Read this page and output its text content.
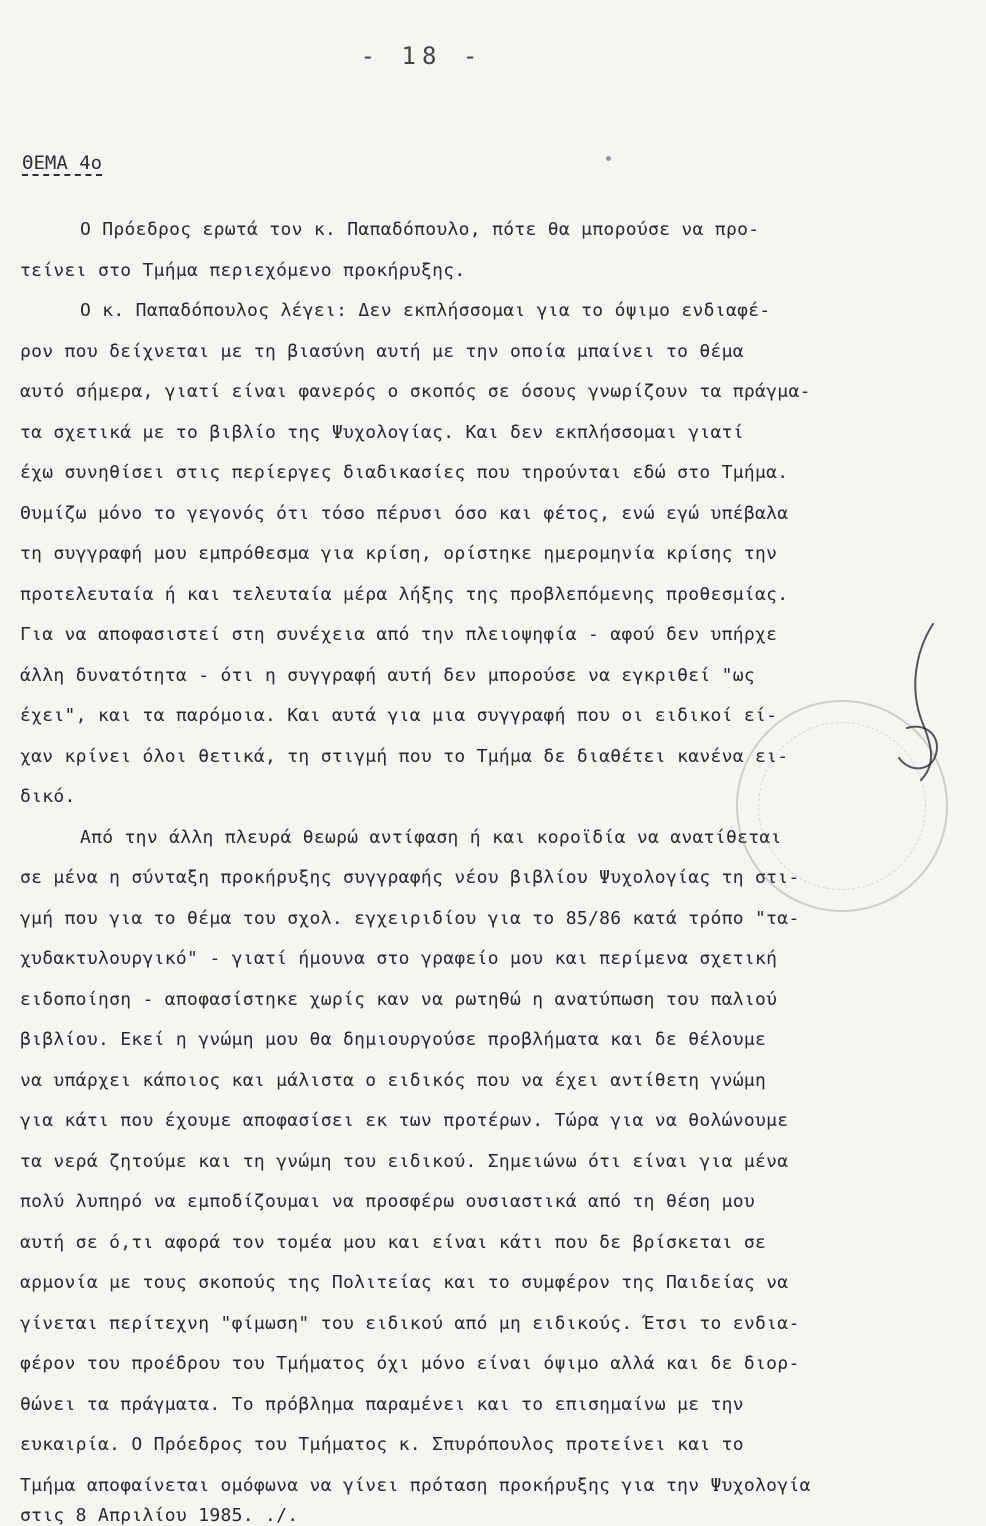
- 18 -
ΘΕΜΑ 4ο
Ο Πρόεδρος ερωτά τον κ. Παπαδόπουλο, πότε θα μπορούσε να προ-
τείνει στο Τμήμα περιεχόμενο προκήρυξης.
Ο κ. Παπαδόπουλος λέγει: Δεν εκπλήσσομαι για το όψιμο ενδιαφέ-
ρον που δείχνεται με τη βιασύνη αυτή με την οποία μπαίνει το θέμα
αυτό σήμερα, γιατί είναι φανερός ο σκοπός σε όσους γνωρίζουν τα πράγμα-
τα σχετικά με το βιβλίο της Ψυχολογίας. Και δεν εκπλήσσομαι γιατί
έχω συνηθίσει στις περίεργες διαδικασίες που τηρούνται εδώ στο Τμήμα.
Θυμίζω μόνο το γεγονός ότι τόσο πέρυσι όσο και φέτος, ενώ εγώ υπέβαλα
τη συγγραφή μου εμπρόθεσμα για κρίση, ορίστηκε ημερομηνία κρίσης την
προτελευταία ή και τελευταία μέρα λήξης της προβλεπόμενης προθεσμίας.
Για να αποφασιστεί στη συνέχεια από την πλειοψηφία - αφού δεν υπήρχε
άλλη δυνατότητα - ότι η συγγραφή αυτή δεν μπορούσε να εγκριθεί "ως
έχει", και τα παρόμοια. Και αυτά για μια συγγραφή που οι ειδικοί εί-
χαν κρίνει όλοι θετικά, τη στιγμή που το Τμήμα δε διαθέτει κανένα ει-
δικό.
Από την άλλη πλευρά θεωρώ αντίφαση ή και κοροϊδία να ανατίθεται
σε μένα η σύνταξη προκήρυξης συγγραφής νέου βιβλίου Ψυχολογίας τη στι-
γμή που για το θέμα του σχολ. εγχειριδίου για το 85/86 κατά τρόπο "τα-
χυδακτυλουργικό" - γιατί ήμουνα στο γραφείο μου και περίμενα σχετική
ειδοποίηση - αποφασίστηκε χωρίς καν να ρωτηθώ η ανατύπωση του παλιού
βιβλίου. Εκεί η γνώμη μου θα δημιουργούσε προβλήματα και δε θέλουμε
να υπάρχει κάποιος και μάλιστα ο ειδικός που να έχει αντίθετη γνώμη
για κάτι που έχουμε αποφασίσει εκ των προτέρων. Τώρα για να θολώνουμε
τα νερά ζητούμε και τη γνώμη του ειδικού. Σημειώνω ότι είναι για μένα
πολύ λυπηρό να εμποδίζουμαι να προσφέρω ουσιαστικά από τη θέση μου
αυτή σε ό,τι αφορά τον τομέα μου και είναι κάτι που δε βρίσκεται σε
αρμονία με τους σκοπούς της Πολιτείας και το συμφέρον της Παιδείας να
γίνεται περίτεχνη "φίμωση" του ειδικού από μη ειδικούς. Έτσι το ενδια-
φέρον του προέδρου του Τμήματος όχι μόνο είναι όψιμο αλλά και δε διορ-
θώνει τα πράγματα. Το πρόβλημα παραμένει και το επισημαίνω με την
ευκαιρία. Ο Πρόεδρος του Τμήματος κ. Σπυρόπουλος προτείνει και το
Τμήμα αποφαίνεται ομόφωνα να γίνει πρόταση προκήρυξης για την Ψυχολογία
στις 8 Απριλίου 1985. ./.
